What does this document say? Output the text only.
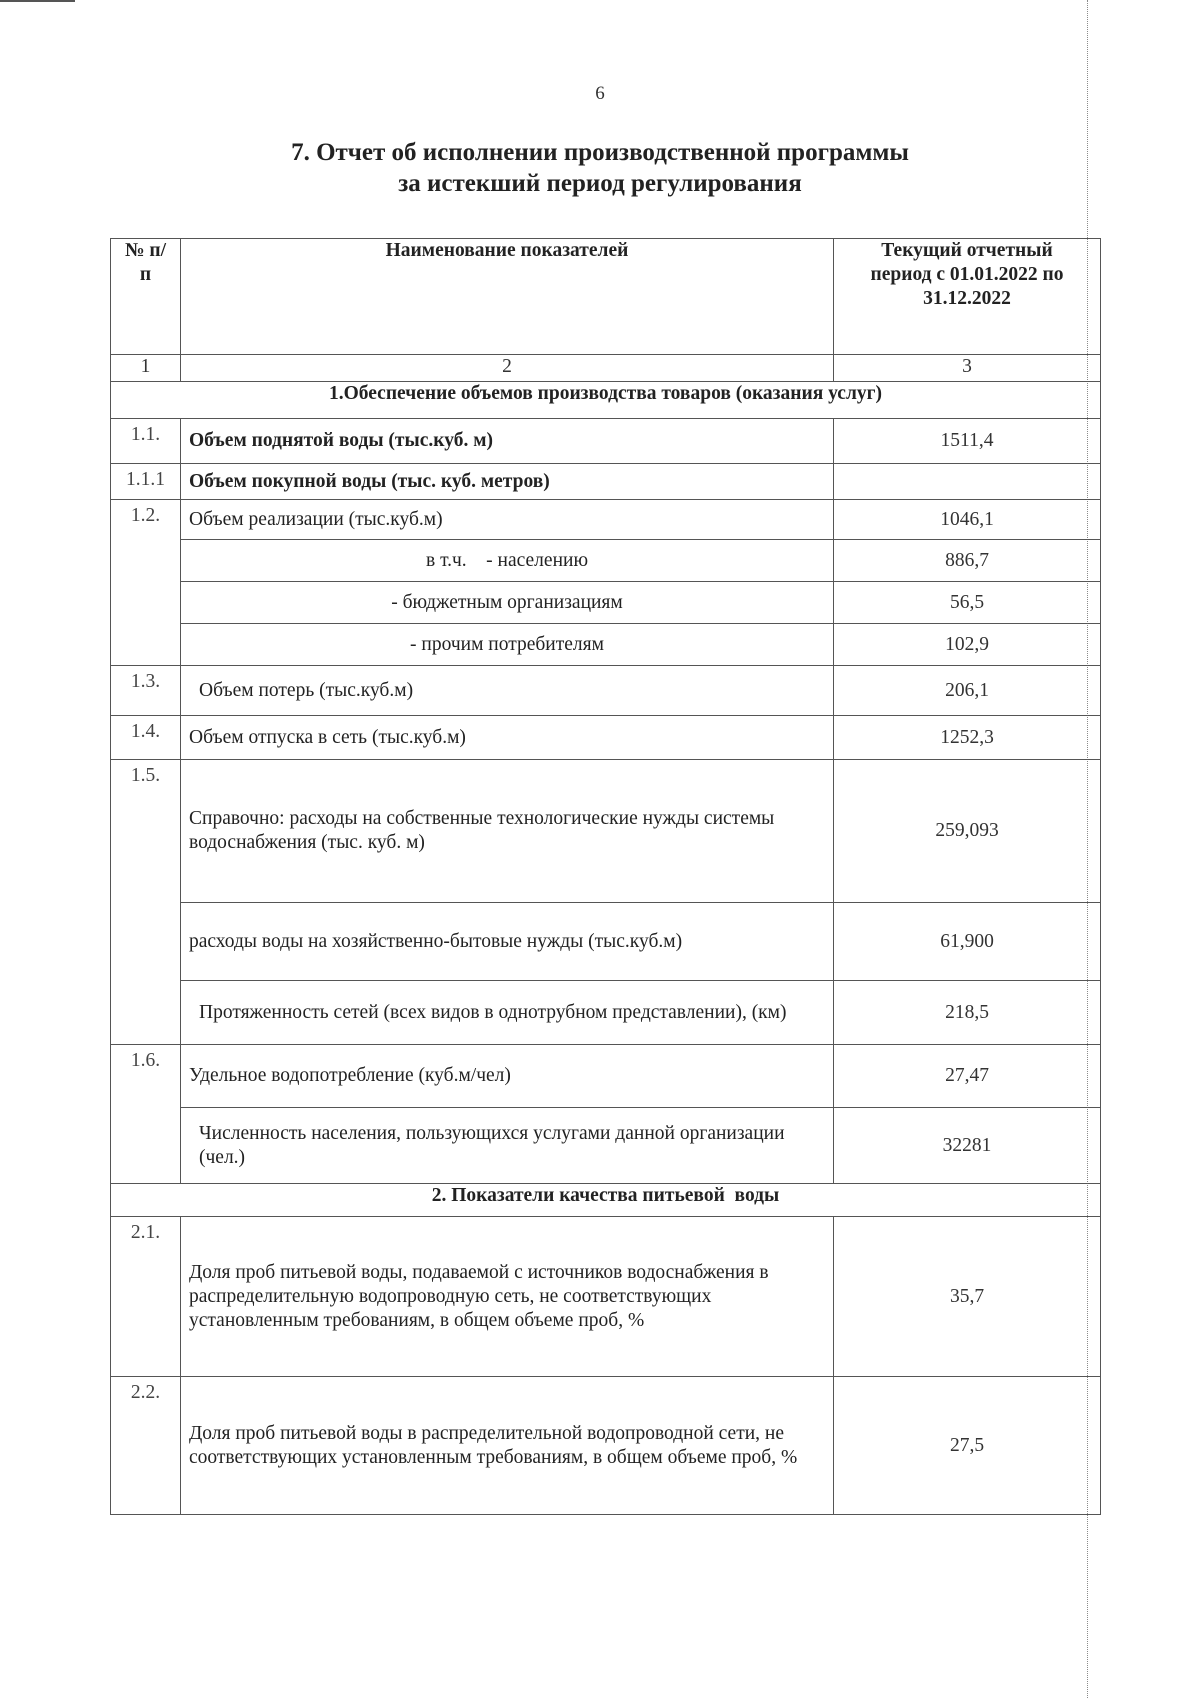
6
7. Отчет об исполнении производственной программы
за истекший период регулирования
№ п/п	Наименование показателей	Текущий отчетный период с 01.01.2022 по 31.12.2022
1	2	3
1.Обеспечение объемов производства товаров (оказания услуг)		
1.1.	Объем поднятой воды (тыс.куб. м)	1511,4
1.1.1	Объем покупной воды (тыс. куб. метров)	
1.2.	Объем реализации (тыс.куб.м)	1046,1
	в т.ч.    - населению	886,7
	- бюджетным организациям	56,5
	- прочим потребителям	102,9
1.3.	Объем потерь (тыс.куб.м)	206,1
1.4.	Объем отпуска в сеть (тыс.куб.м)	1252,3
1.5.	Справочно: расходы на собственные технологические нужды системы водоснабжения (тыс. куб. м)	259,093
	расходы воды на хозяйственно-бытовые нужды (тыс.куб.м)	61,900
	Протяженность сетей (всех видов в однотрубном представлении), (км)	218,5
1.6.	Удельное водопотребление (куб.м/чел)	27,47
	Численность населения, пользующихся услугами данной организации (чел.)	32281
2. Показатели качества питьевой  воды		
2.1.	Доля проб питьевой воды, подаваемой с источников водоснабжения в распределительную водопроводную сеть, не соответствующих установленным требованиям, в общем объеме проб, %	35,7
2.2.	Доля проб питьевой воды в распределительной водопроводной сети, не соответствующих установленным требованиям, в общем объеме проб, %	27,5
